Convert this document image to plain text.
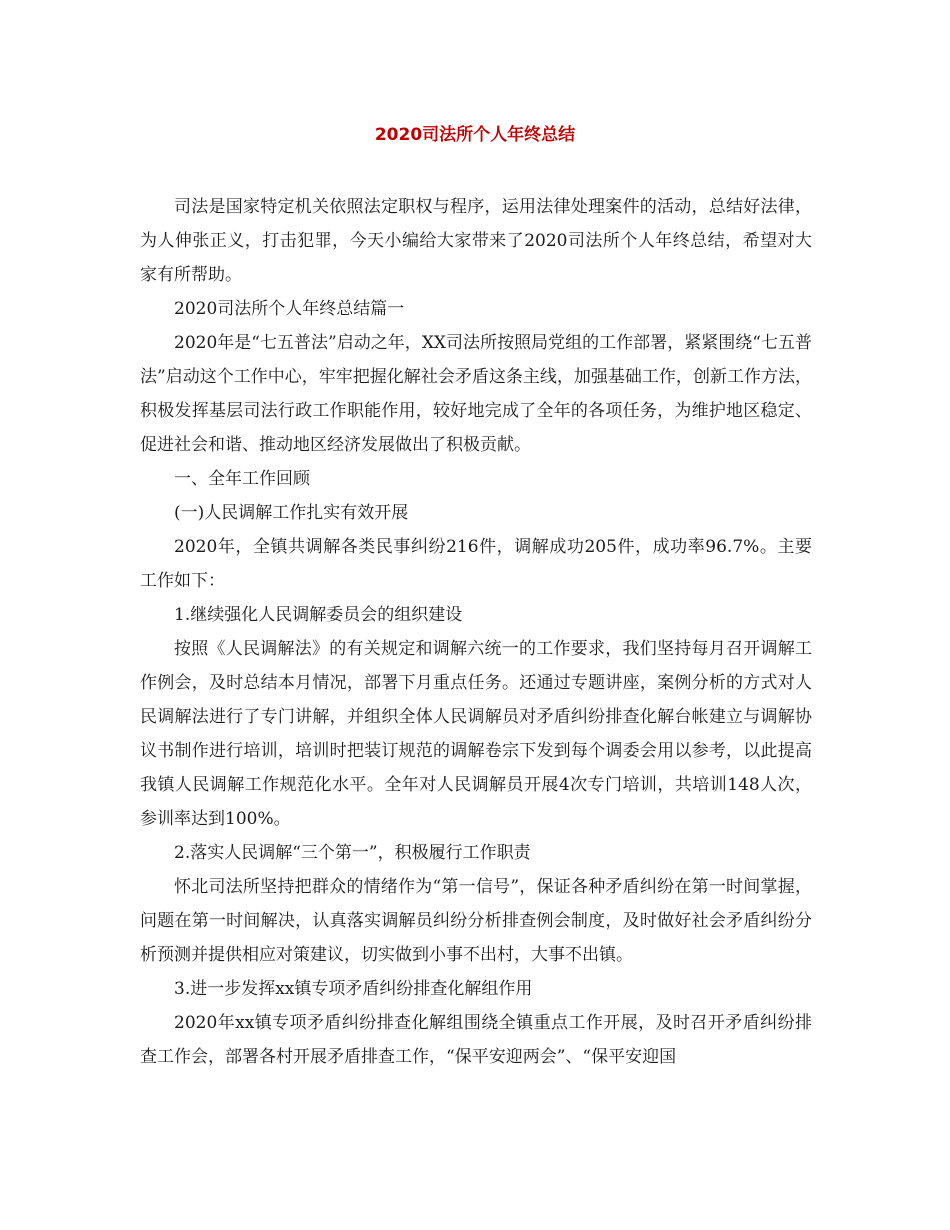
2020司法所个人年终总结

司法是国家特定机关依照法定职权与程序，运用法律处理案件的活动，总结好法律，为人伸张正义，打击犯罪，今天小编给大家带来了2020司法所个人年终总结，希望对大家有所帮助。

2020司法所个人年终总结篇一

2020年是“七五普法”启动之年，XX司法所按照局党组的工作部署，紧紧围绕“七五普法”启动这个工作中心，牢牢把握化解社会矛盾这条主线，加强基础工作，创新工作方法，积极发挥基层司法行政工作职能作用，较好地完成了全年的各项任务，为维护地区稳定、促进社会和谐、推动地区经济发展做出了积极贡献。

一、全年工作回顾

(一)人民调解工作扎实有效开展

2020年，全镇共调解各类民事纠纷216件，调解成功205件，成功率96.7%。主要工作如下：

1.继续强化人民调解委员会的组织建设

按照《人民调解法》的有关规定和调解六统一的工作要求，我们坚持每月召开调解工作例会，及时总结本月情况，部署下月重点任务。还通过专题讲座，案例分析的方式对人民调解法进行了专门讲解，并组织全体人民调解员对矛盾纠纷排查化解台帐建立与调解协议书制作进行培训，培训时把装订规范的调解卷宗下发到每个调委会用以参考，以此提高我镇人民调解工作规范化水平。全年对人民调解员开展4次专门培训，共培训148人次，参训率达到100%。

2.落实人民调解“三个第一”，积极履行工作职责

怀北司法所坚持把群众的情绪作为“第一信号”，保证各种矛盾纠纷在第一时间掌握，问题在第一时间解决，认真落实调解员纠纷分析排查例会制度，及时做好社会矛盾纠纷分析预测并提供相应对策建议，切实做到小事不出村，大事不出镇。

3.进一步发挥xx镇专项矛盾纠纷排查化解组作用

2020年xx镇专项矛盾纠纷排查化解组围绕全镇重点工作开展，及时召开矛盾纠纷排查工作会，部署各村开展矛盾排查工作，“保平安迎两会”、“保平安迎国
